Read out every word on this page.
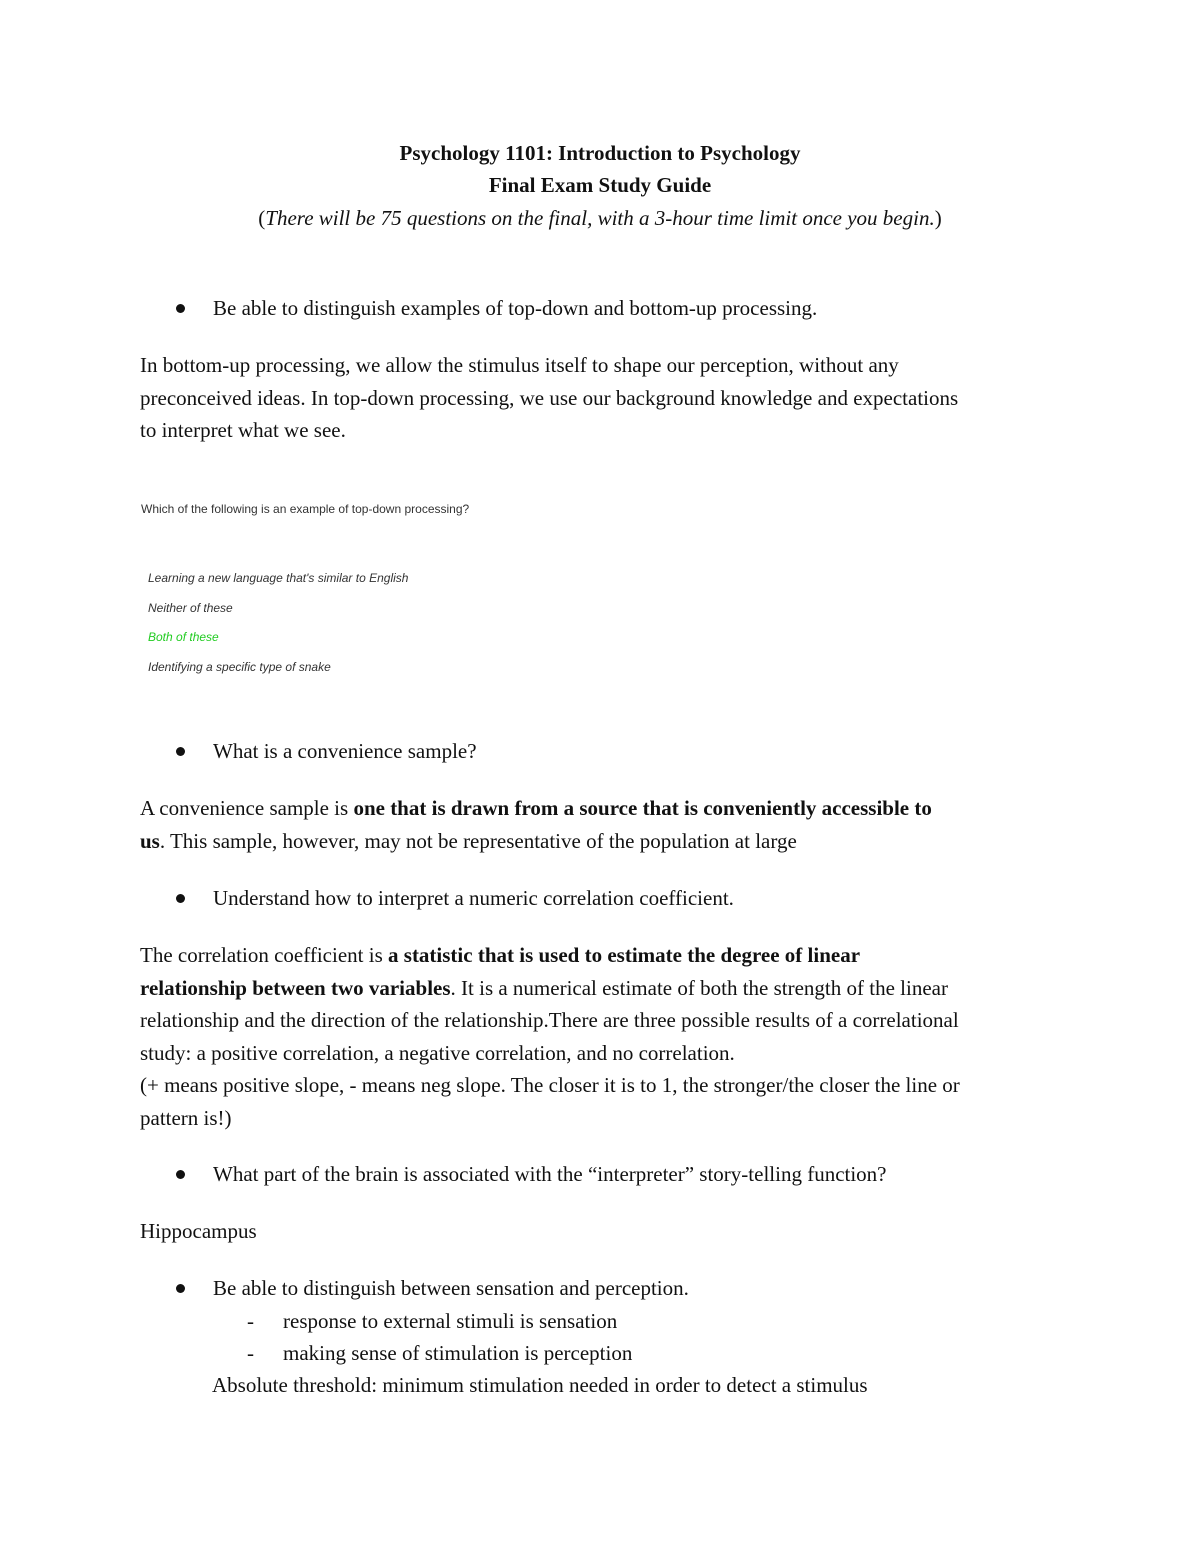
Psychology 1101: Introduction to Psychology

Final Exam Study Guide

(There will be 75 questions on the final, with a 3-hour time limit once you begin.)

Be able to distinguish examples of top-down and bottom-up processing.

In bottom-up processing, we allow the stimulus itself to shape our perception, without any

preconceived ideas. In top-down processing, we use our background knowledge and expectations

to interpret what we see.

Which of the following is an example of top-down processing?

Learning a new language that's similar to English

Neither of these

Both of these

Identifying a specific type of snake

What is a convenience sample?

A convenience sample is one that is drawn from a source that is conveniently accessible to

us. This sample, however, may not be representative of the population at large

Understand how to interpret a numeric correlation coefficient.

The correlation coefficient is a statistic that is used to estimate the degree of linear

relationship between two variables. It is a numerical estimate of both the strength of the linear

relationship and the direction of the relationship.There are three possible results of a correlational

study: a positive correlation, a negative correlation, and no correlation.

(+ means positive slope, - means neg slope. The closer it is to 1, the stronger/the closer the line or

pattern is!)

What part of the brain is associated with the “interpreter” story-telling function?

Hippocampus

Be able to distinguish between sensation and perception.

- response to external stimuli is sensation

- making sense of stimulation is perception

Absolute threshold: minimum stimulation needed in order to detect a stimulus
